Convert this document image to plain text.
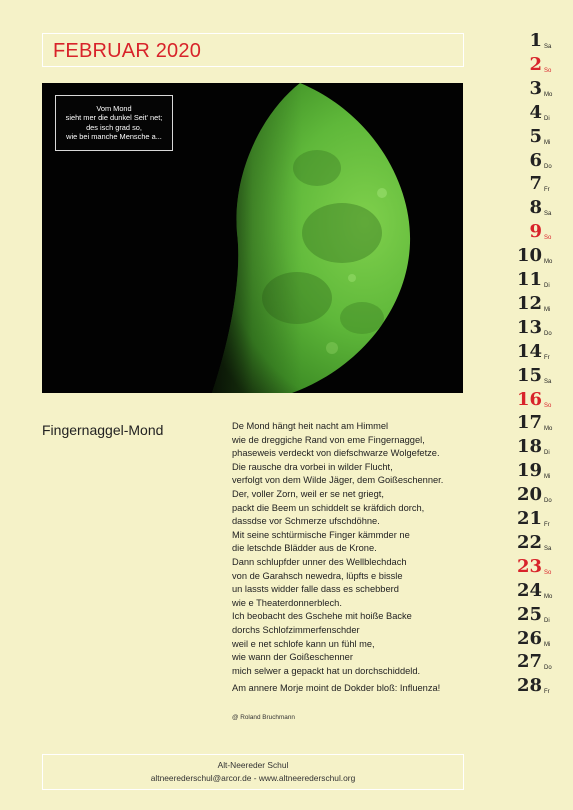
FEBRUAR 2020
Vom Mond
sieht mer die dunkel Seit' net;
des isch grad so,
wie bei manche Mensche a...
Fingernaggel-Mond	De Mond hängt heit nacht am Himmel
wie de dreggiche Rand von eme Fingernaggel,
phaseweis verdeckt von diefschwarze Wolgefetze.
Die rausche dra vorbei in wilder Flucht,
verfolgt von dem Wilde Jäger, dem Goißeschenner.
Der, voller Zorn, weil er se net griegt,
packt die Beem un schiddelt se kräfdich dorch,
dassdse vor Schmerze ufschdöhne.
Mit seine schtürmische Finger kämmder ne
die letschde Blädder aus de Krone.
Dann schlupfder unner des Wellblechdach
von de Garahsch newedra, lüpfts e bissle
un lassts widder falle dass es schebberd
wie e Theaterdonnerblech.
Ich beobacht des Gschehe mit hoiße Backe
dorchs Schlofzimmerfenschder
weil e net schlofe kann un fühl me,
wie wann der Goißeschenner
mich selwer a gepackt hat un dorchschiddeld.
Am annere Morje moint de Dokder bloß: Influenza!
@ Roland Bruchmann
Alt-Neereder Schul
altneerederschul@arcor.de - www.altneerederschul.org
1 Sa
2 So
3 Mo
4 Di
5 Mi
6 Do
7 Fr
8 Sa
9 So
10 Mo
11 Di
12 Mi
13 Do
14 Fr
15 Sa
16 So
17 Mo
18 Di
19 Mi
20 Do
21 Fr
22 Sa
23 So
24 Mo
25 Di
26 Mi
27 Do
28 Fr
